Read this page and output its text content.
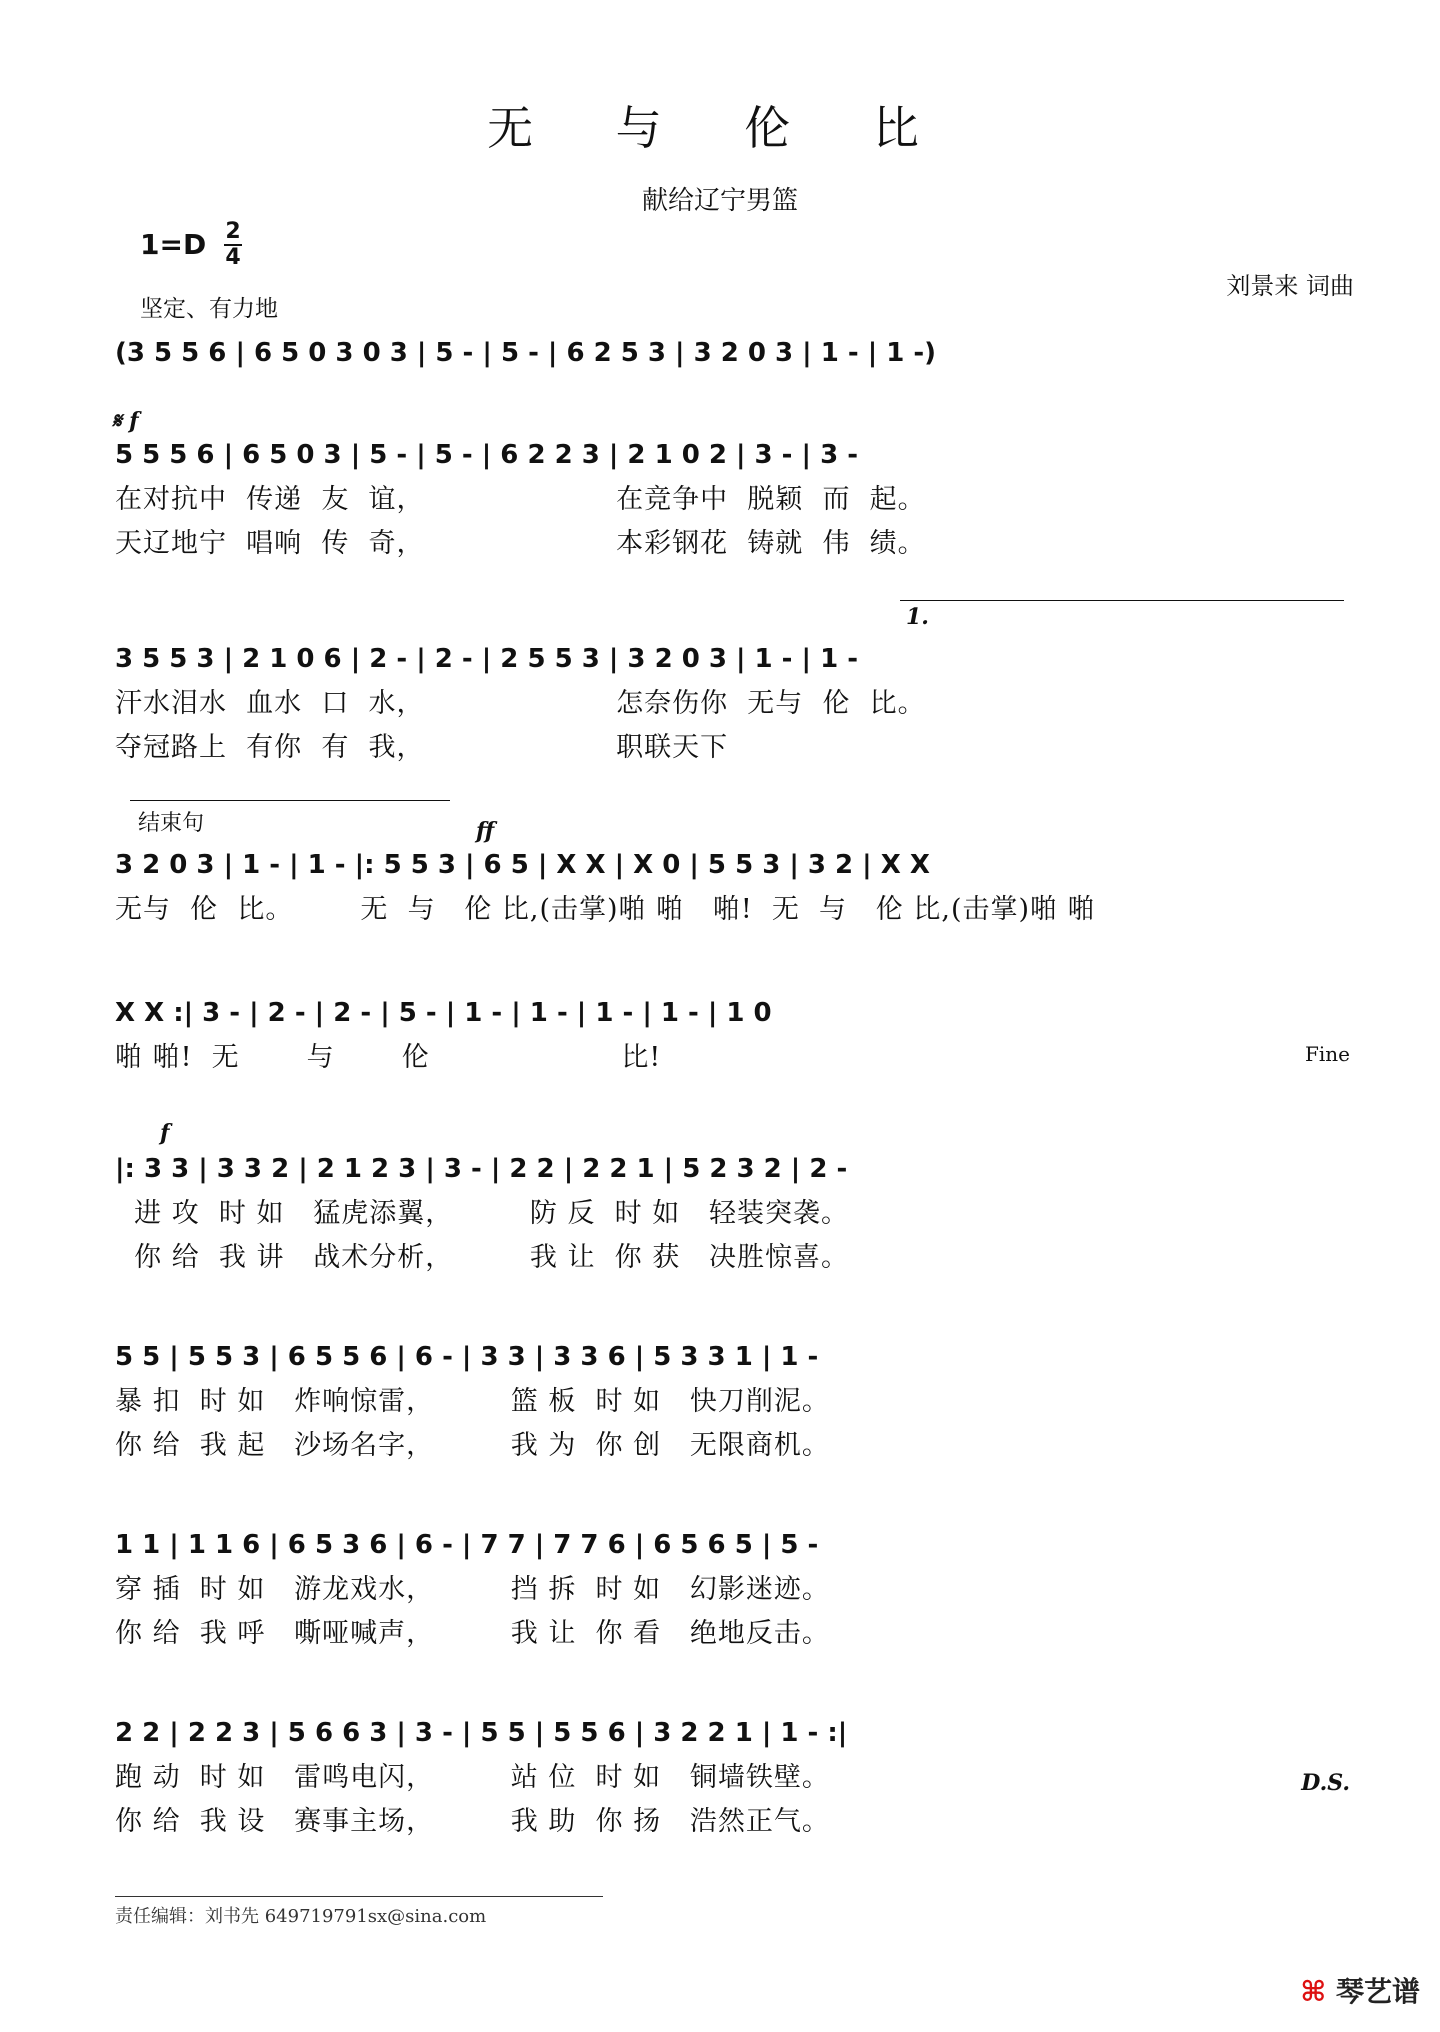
无 与 伦 比
献给辽宁男篮
1=D 2
4
坚定、有力地
刘景来 词曲
(3 5 5 6 | 6 5 0 3 0 3 | 5 - | 5 - | 6 2 5 3 | 3 2 0 3 | 1 - | 1 -)
𝄋 f
5 5 5 6 | 6 5 0 3 | 5 - | 5 - | 6 2 2 3 | 2 1 0 2 | 3 - | 3 -
在对抗中  传递  友  谊，                    在竞争中  脱颖  而  起。
天辽地宁  唱响  传  奇，                    本彩钢花  铸就  伟  绩。
1.
3 5 5 3 | 2 1 0 6 | 2 - | 2 - | 2 5 5 3 | 3 2 0 3 | 1 - | 1 -
汗水泪水  血水  口  水，                    怎奈伤你  无与  伦  比。
夺冠路上  有你  有  我，                    职联天下
结束句	ff
3 2 0 3 | 1 - | 1 - |: 5 5 3 | 6 5 | X X | X 0 | 5 5 3 | 3 2 | X X
无与  伦  比。       无  与   伦 比,(击掌)啪 啪   啪!  无  与   伦 比,(击掌)啪 啪
X X :| 3 - | 2 - | 2 - | 5 - | 1 - | 1 - | 1 - | 1 - | 1 0
啪 啪!  无       与       伦                    比!	Fine
f
|: 3 3 | 3 3 2 | 2 1 2 3 | 3 - | 2 2 | 2 2 1 | 5 2 3 2 | 2 -
进 攻  时 如   猛虎添翼，        防 反  时 如   轻装突袭。
你 给  我 讲   战术分析，        我 让  你 获   决胜惊喜。
5 5 | 5 5 3 | 6 5 5 6 | 6 - | 3 3 | 3 3 6 | 5 3 3 1 | 1 -
暴 扣  时 如   炸响惊雷，        篮 板  时 如   快刀削泥。
你 给  我 起   沙场名字，        我 为  你 创   无限商机。
1 1 | 1 1 6 | 6 5 3 6 | 6 - | 7 7 | 7 7 6 | 6 5 6 5 | 5 -
穿 插  时 如   游龙戏水，        挡 拆  时 如   幻影迷迹。
你 给  我 呼   嘶哑喊声，        我 让  你 看   绝地反击。
2 2 | 2 2 3 | 5 6 6 3 | 3 - | 5 5 | 5 5 6 | 3 2 2 1 | 1 - :|
跑 动  时 如   雷鸣电闪，        站 位  时 如   铜墙铁壁。
你 给  我 设   赛事主场，        我 助  你 扬   浩然正气。
D.S.
责任编辑：刘书先 649719791sx@sina.com
⌘ 琴艺谱
